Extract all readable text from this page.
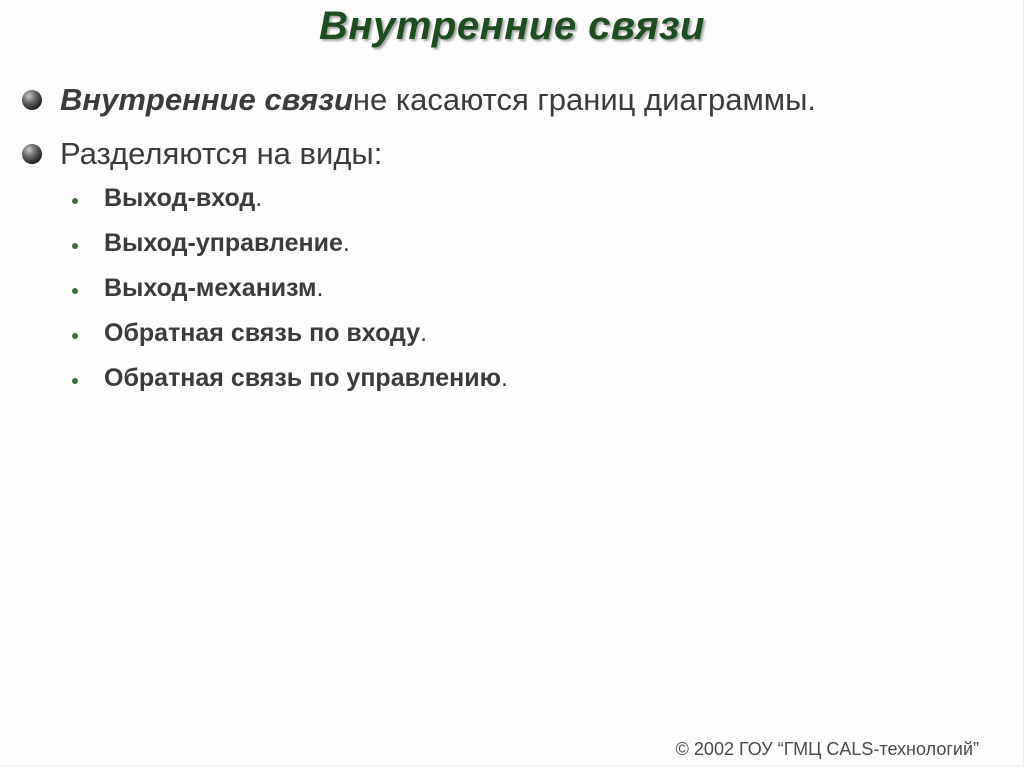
Внутренние связи
Внутренние связи не касаются границ диаграммы.
Разделяются на виды:
Выход-вход .
Выход-управление .
Выход-механизм .
Обратная связь по входу .
Обратная связь по управлению .
© 2002 ГОУ “ГМЦ CALS-технологий”
